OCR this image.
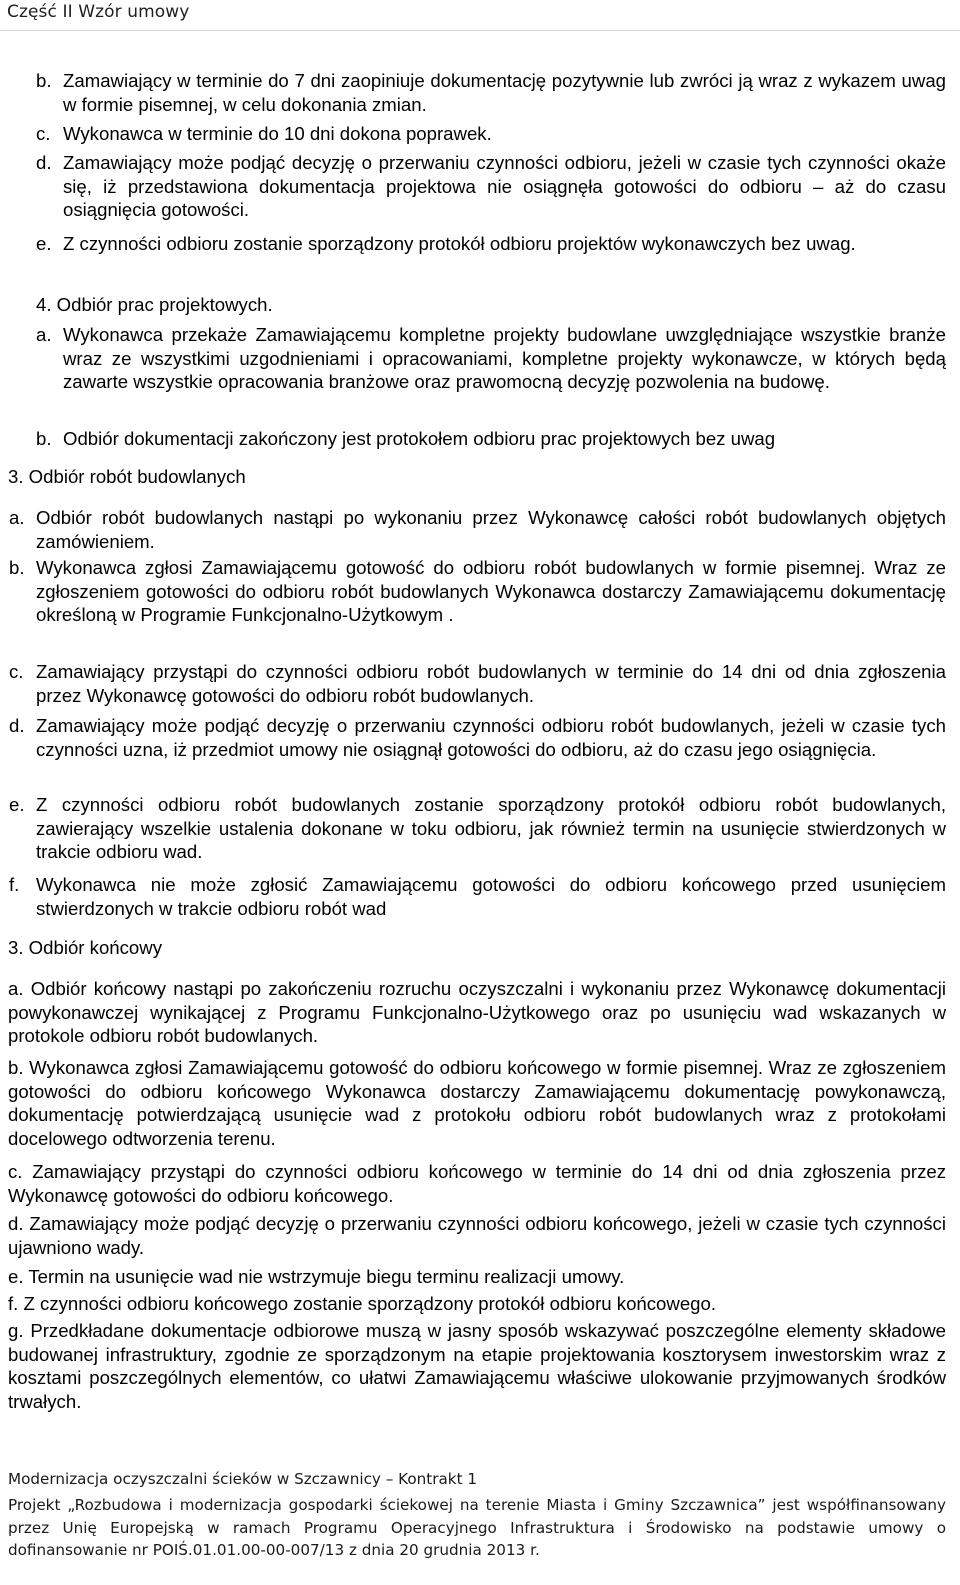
Część II Wzór umowy
b. Zamawiający w terminie do 7 dni zaopiniuje dokumentację pozytywnie lub zwróci ją wraz z wykazem uwag w formie pisemnej, w celu dokonania zmian.
c. Wykonawca w terminie do 10 dni dokona poprawek.
d. Zamawiający może podjąć decyzję o przerwaniu czynności odbioru, jeżeli w czasie tych czynności okaże się, iż przedstawiona dokumentacja projektowa nie osiągnęła gotowości do odbioru – aż do czasu osiągnięcia gotowości.
e. Z czynności odbioru zostanie sporządzony protokół odbioru projektów wykonawczych bez uwag.
4. Odbiór prac projektowych.
a. Wykonawca przekaże Zamawiającemu kompletne projekty budowlane uwzględniające wszystkie branże wraz ze wszystkimi uzgodnieniami i opracowaniami, kompletne projekty wykonawcze, w których będą zawarte wszystkie opracowania branżowe oraz prawomocną decyzję pozwolenia na budowę.
b. Odbiór dokumentacji zakończony jest protokołem odbioru prac projektowych bez uwag
3. Odbiór robót budowlanych
a. Odbiór robót budowlanych nastąpi po wykonaniu przez Wykonawcę całości robót budowlanych objętych zamówieniem.
b. Wykonawca zgłosi Zamawiającemu gotowość do odbioru robót budowlanych w formie pisemnej. Wraz ze zgłoszeniem gotowości do odbioru robót budowlanych Wykonawca dostarczy Zamawiającemu dokumentację określoną w Programie Funkcjonalno-Użytkowym .
c. Zamawiający przystąpi do czynności odbioru robót budowlanych w terminie do 14 dni od dnia zgłoszenia przez Wykonawcę gotowości do odbioru robót budowlanych.
d. Zamawiający może podjąć decyzję o przerwaniu czynności odbioru robót budowlanych, jeżeli w czasie tych czynności uzna, iż przedmiot umowy nie osiągnął gotowości do odbioru, aż do czasu jego osiągnięcia.
e. Z czynności odbioru robót budowlanych zostanie sporządzony protokół odbioru robót budowlanych, zawierający wszelkie ustalenia dokonane w toku odbioru, jak również termin na usunięcie stwierdzonych w trakcie odbioru wad.
f. Wykonawca nie może zgłosić Zamawiającemu gotowości do odbioru końcowego przed usunięciem stwierdzonych w trakcie odbioru robót wad
3. Odbiór końcowy
a. Odbiór końcowy nastąpi po zakończeniu rozruchu oczyszczalni i wykonaniu przez Wykonawcę dokumentacji powykonawczej wynikającej z Programu Funkcjonalno-Użytkowego oraz po usunięciu wad wskazanych w protokole odbioru robót budowlanych.
b. Wykonawca zgłosi Zamawiającemu gotowość do odbioru końcowego w formie pisemnej. Wraz ze zgłoszeniem gotowości do odbioru końcowego Wykonawca dostarczy Zamawiającemu dokumentację powykonawczą, dokumentację potwierdzającą usunięcie wad z protokołu odbioru robót budowlanych wraz z protokołami docelowego odtworzenia terenu.
c. Zamawiający przystąpi do czynności odbioru końcowego w terminie do 14 dni od dnia zgłoszenia przez Wykonawcę gotowości do odbioru końcowego.
d. Zamawiający może podjąć decyzję o przerwaniu czynności odbioru końcowego, jeżeli w czasie tych czynności ujawniono wady.
e. Termin na usunięcie wad nie wstrzymuje biegu terminu realizacji umowy.
f. Z czynności odbioru końcowego zostanie sporządzony protokół odbioru końcowego.
g. Przedkładane dokumentacje odbiorowe muszą w jasny sposób wskazywać poszczególne elementy składowe budowanej infrastruktury, zgodnie ze sporządzonym na etapie projektowania kosztorysem inwestorskim wraz z kosztami poszczególnych elementów, co ułatwi Zamawiającemu właściwe ulokowanie przyjmowanych środków trwałych.
Modernizacja oczyszczalni ścieków w Szczawnicy – Kontrakt 1
Projekt „Rozbudowa i modernizacja gospodarki ściekowej na terenie Miasta i Gminy Szczawnica” jest współfinansowany przez Unię Europejską w ramach Programu Operacyjnego Infrastruktura i Środowisko na podstawie umowy o dofinansowanie nr POIŚ.01.01.00-00-007/13 z dnia 20 grudnia 2013 r.
